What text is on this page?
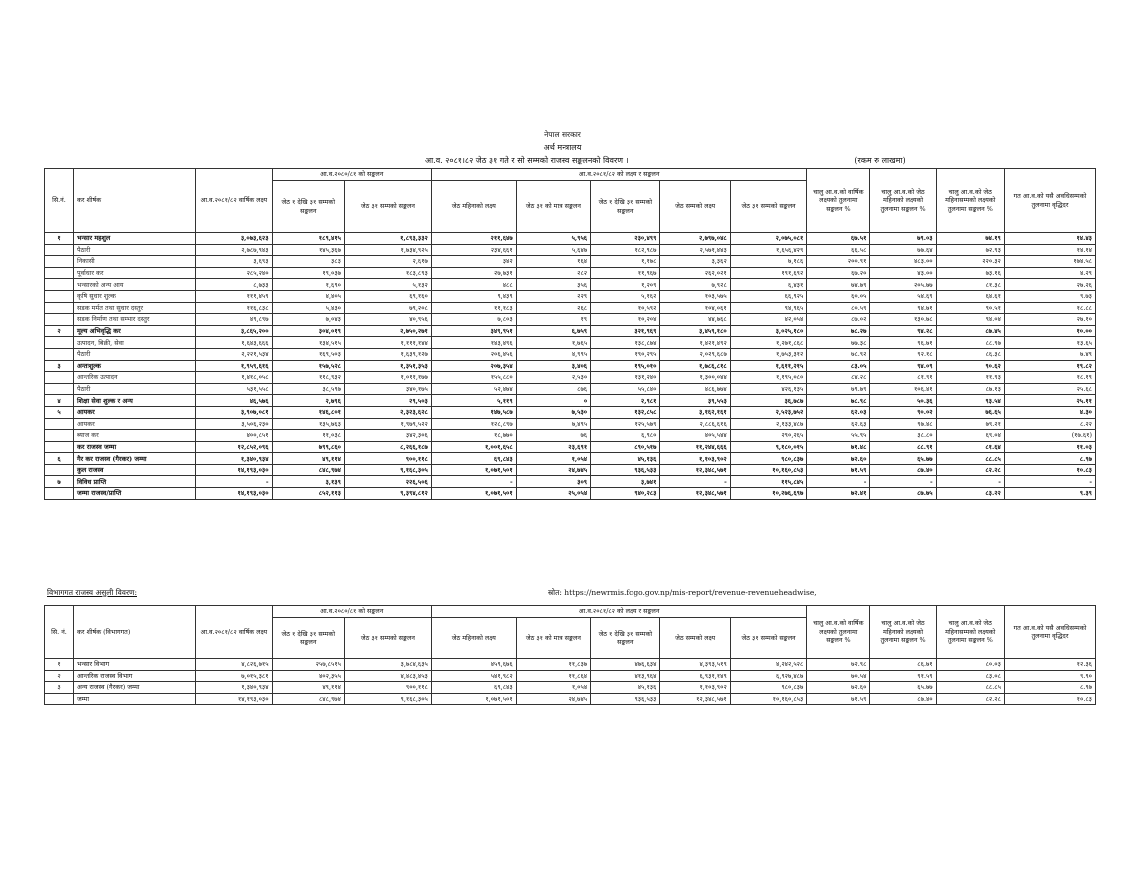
नेपाल सरकार
अर्थ मन्त्रालय
आ.व. २०८१।८२ जेठ ३१ गते र सो सम्मको राजस्व सङ्कलनको विवरण ।	(रकम रु लाखमा)
सि.नं.	कर शीर्षक	आ.व.२०८१/८२ वार्षिक लक्ष्य	आ.व.२०८०/८१ को सङ्कलन		आ.व.२०८१/८२ को लक्ष्य र सङ्कलन					चालु आ.व.को वार्षिक लक्ष्यको तुलनामा सङ्कलन %	चालु आ.व.को जेठ महिनाको लक्ष्यको तुलनामा सङ्कलन %	चालु आ.व.को जेठ महिनासम्मको लक्ष्यको तुलनामा सङ्कलन %	गत आ.व.को यसै अवधिसम्मको तुलनामा वृद्धिदर
			जेठ १ देखि ३१ सम्मको सङ्कलन	जेठ ३१ सम्मको सङ्कलन	जेठ महिनाको लक्ष्य	जेठ ३१ को मात्र सङ्कलन	जेठ १ देखि ३१ सम्मको सङ्कलन	जेठ सम्मको लक्ष्य	जेठ ३१ सम्मको सङ्कलन				
१	भन्सार महशुल	३,०७३,६२३	१८९,४१५	१,८९३,३३२	२११,६४७	५,९५६	२३०,४९९	२,७९७,०४८	२,०७५,०८१	६७.५१	७९.०३	७४.१९	१४.४३
	पैठारी	२,७८७,९४३	१४५,३६७	१,७३४,९२५	२३४,६६१	५,६४७	१८२,९८७	२,५७१,४४३	१,६५६,४२९	६६.५८	७७.६४	७२.९३	१४.१४
	निकासी	३,६९३	३८३	२,६१७	३४२	१६४	१,१७८	३,३६२	७,१८६	२००.९१	४८३.००	२२०.३२	१७४.५८
	पूर्वाधार कर	२८५,२४०	१९,०३७	१८३,८९३	२७,७३१	२८२	११,९६७	२६२,०२१	१९१,६९२	६७.२०	४३.००	७३.१६	४.२९
	भन्सारको अन्य आय	८,७३३	१,६९०	५,१३२	४८८	३५६	१,२०९	७,९२८	६,४३१	७४.७९	२०५.७७	८१.३८	२७.२६
	कृषि सुधार शुल्क	१११,४५९	४,४०५	६९,१६०	९,४३९	२२९	५,१६२	१०३,५७५	६६,९२५	६०.०५	५४.६९	६४.६१	९.७३
	सडक मर्मत तथा सुधार दस्तुर	११६,८३८	५,४३०	७९,२०८	११,१८३	२६८	१०,५९२	१०४,०६१	९४,९६५	८०.५९	९४.७१	९०.५१	१८.८८
	सडक निर्माण तथा सम्भार दस्तुर	४९,८९७	७,०४३	४०,९५६	७,८०३	१९	१०,२०४	४४,७६८	४२,०५४	८७.०२	१३०.७८	९४.०४	२७.१०
२	मूल्य अभिवृद्धि कर	३,८६५,२००	३०४,०१९	२,७५०,२७१	३४९,९५१	६,७५९	३२१,९६९	३,४५९,१८०	३,०२५,१८०	७८.२७	९४.२८	८७.४५	१०.००
	उत्पादन, बिक्री, सेवा	१,६४३,६६६	१३४,५१५	१,१११,१४४	१४३,४९६	१,७६५	१३८,८७४	१,४२१,४९२	१,२७१,८६८	७७.३८	९६.७१	८८.९७	१३.६५
	पैठारी	२,२२१,५३४	१६९,५०३	१,६३९,१२७	२०६,४५६	४,९९५	१९०,२९५	२,०२९,६८७	१,७५३,३१२	७८.९२	९२.१८	८६.३८	७.४९
३	अन्तःशुल्क	१,९५९,६१६	१५७,५२८	१,३५१,३५३	२०७,३५४	३,४०६	१९५,०१०	१,७८६,८१८	१,६११,२१५	८३.०५	९४.०९	९०.६२	१९.८२
	आन्तरिक उत्पादन	१,४१८,०५८	११८,९३२	१,०११,१७७	१५५,८८०	२,५३०	१३१,२४०	१,३००,०४४	१,१९५,०८०	८४.२८	८१.९१	११.९३	१८.१९
	पैठारी	५३१,५५८	३८,५९७	३४०,१७५	५२,४७४	८७६	५५,८४०	४८६,७७४	४२६,१३५	७९.७९	१०६.४१	८७.१३	२५.६८
४	शिक्षा सेवा शुल्क र अन्य	४६,५७६	२,७९६	२९,५०३	५,११९	०	२,९८१	३९,५५३	३६,७८७	७८.९८	५०.३६	९३.५४	२५.११
५	आयकर	३,९०७,०८१	१४६,८०१	२,३२३,६२८	१४७,५८७	७,५३०	१३२,८५८	३,१६२,१६१	२,५२३,७५२	६२.०३	९०.०२	७६.६५	४.३०
	आयकर	३,५०६,२३०	१३५,७६३	१,९७९,५२२	१२८,८९७	७,४९५	१२५,५७९	२,८८६,६१६	२,१३३,४८७	६२.६३	९७.४८	७९.२१	८.२२
	ब्याज कर	४००,८५१	११,०३८	३४२,३०६	१८,७७०	७६	६,९८०	४०५,५४४	२९०,२६५	५५.९५	३८.८०	६९.०४	(१७.६१)
	कर राजस्व जम्मा	१२,८५२,०९६	७९९,८६०	८,२६६,१८७	१,००१,६५८	२३,६९१	८९०,५१७	११,२४४,६६६	९,१८०,०१५	७१.४८	८८.९१	८१.६४	११.०३
६	गैर कर राजस्व (गैरकर) जम्मा	१,३४०,९३४	४९,११४	९००,११८	६९,८४३	१,०५४	४५,१३६	१,१०३,९०२	९८०,८३७	७२.६०	६५.७७	८८.८५	८.९७
	कुल राजस्व	१४,१९३,०३०	८४८,९७४	९,१६८,३०५	१,०७१,५०१	२४,७४५	९३६,५३३	१२,३४८,५७१	१०,१६०,८५३	७१.५९	८७.४०	८२.२८	१०.८३
७	विविध प्राप्ति	-	३,१३९	२२६,५०६	-	३०९	३,७४१	-	११५,८४५	-	-	-	-
	जम्मा राजस्व/प्राप्ति	१४,१९३,०३०	८५२,११३	९,३९४,८१२	१,०७१,५०१	२५,०५४	९४०,२८३	१२,३४८,५७१	१०,२७६,६९७	७२.४१	८७.७५	८३.२२	९.३९
विभागगत राजस्व असुली विवरण:	स्रोत: https://newrmis.fcgo.gov.np/mis-report/revenue-revenueheadwise,
सि. नं.	कर शीर्षक (विभागगत)	आ.व.२०८१/८२ वार्षिक लक्ष्य	आ.व.२०८०/८१ को सङ्कलन		आ.व.२०८१/८२ को लक्ष्य र सङ्कलन					चालु आ.व.को वार्षिक लक्ष्यको तुलनामा सङ्कलन %	चालु आ.व.को जेठ महिनाको लक्ष्यको तुलनामा सङ्कलन %	चालु आ.व.को जेठ महिनासम्मको लक्ष्यको तुलनामा सङ्कलन %	गत आ.व.को यसै अवधिसम्मको तुलनामा वृद्धिदर
			जेठ १ देखि ३१ सम्मको सङ्कलन	जेठ ३१ सम्मको सङ्कलन	जेठ महिनाको लक्ष्य	जेठ ३१ को मात्र सङ्कलन	जेठ १ देखि ३१ सम्मको सङ्कलन	जेठ सम्मको लक्ष्य	जेठ ३१ सम्मको सङ्कलन				
१	भन्सार विभाग	४,८२६,७१५	२५७,८५१५	३,७८४,६३५	४५९,६७६	११,८३७	४७६,६३४	४,३९३,५१९	४,२४२,५२८	७२.९८	८६.७१	८०.०३	१२.३६
२	आन्तरिक राजस्व विभाग	७,०१५,३८१	४०२,३५५	४,४८३,४५३	५४१,९८२	११,८६४	४१३,९६४	६,९३१,१४९	६,९२७,४८७	७०.५४	९१.५९	८३.०८	९.९०
३	अन्य राजस्व (गैरकर) जम्मा	१,३४०,९३४	४९,११४	९००,११८	६९,८४३	१,०५४	४५,१३६	१,१०३,९०२	९८०,८३७	७२.६०	६५.७७	८८.८५	८.९७
	जम्मा	१४,१९३,०३०	८४८,९७४	९,१६८,३०५	१,०७१,५०१	२४,७४५	९३६,५३३	१२,३४८,५७१	१०,१६०,८५३	७१.५९	८७.४०	८२.२८	१०.८३
